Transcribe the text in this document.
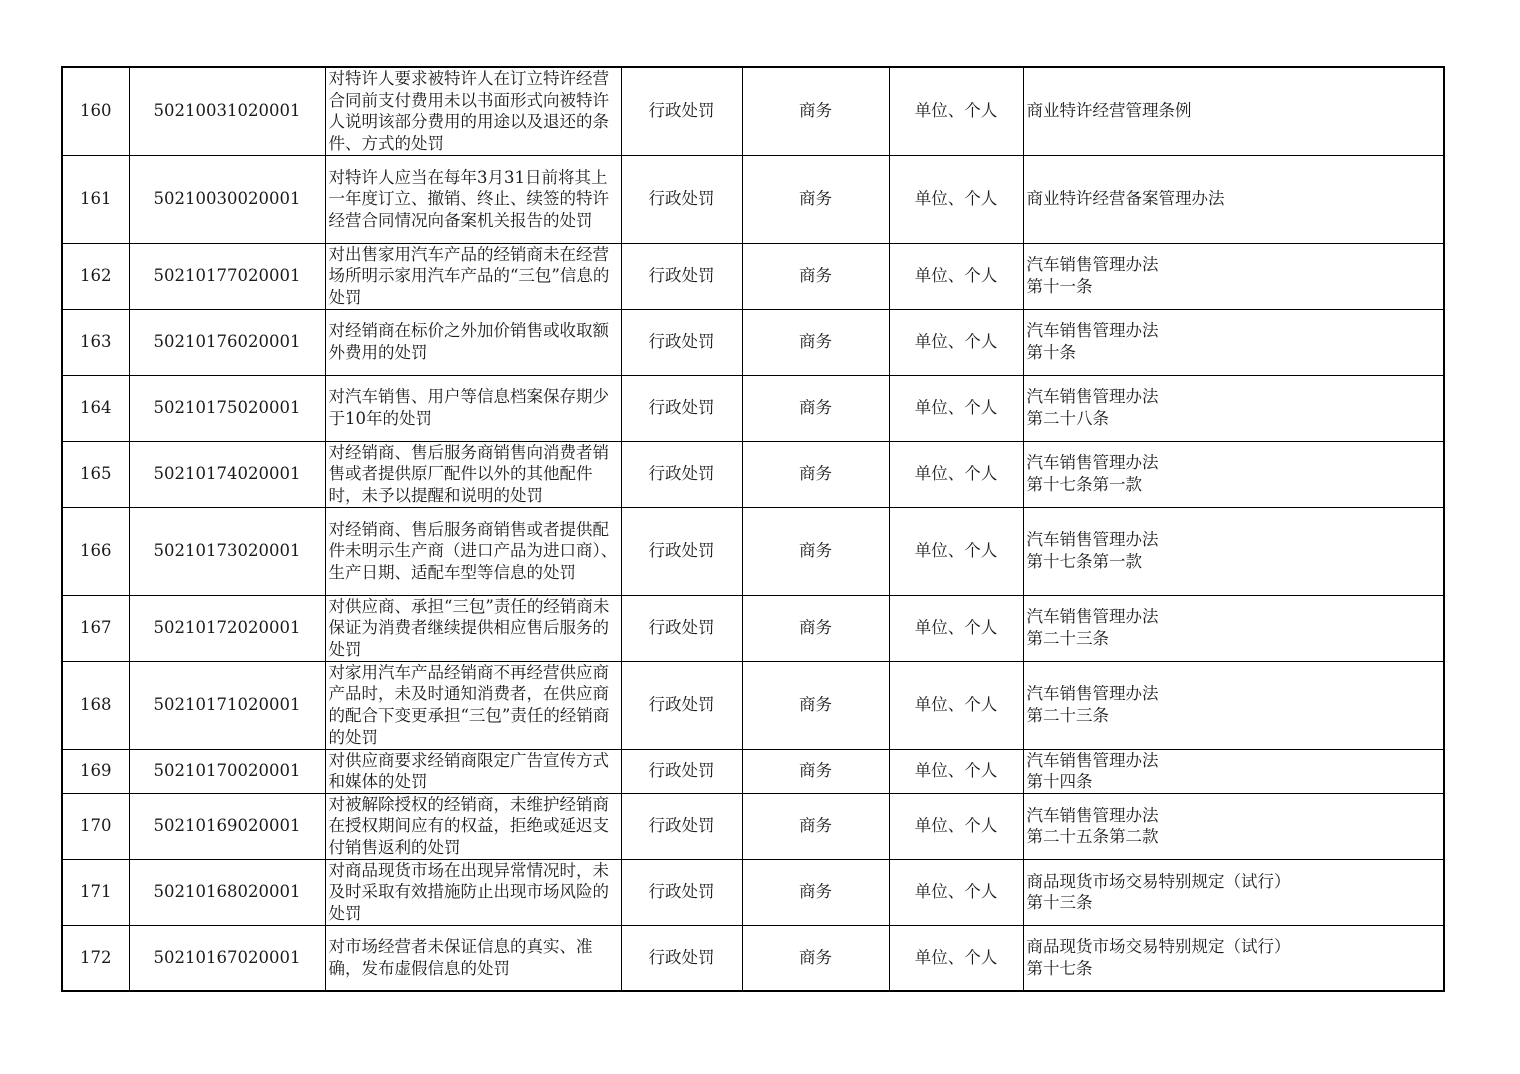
160	50210031020001	对特许人要求被特许人在订立特许经营合同前支付费用未以书面形式向被特许人说明该部分费用的用途以及退还的条件、方式的处罚	行政处罚	商务	单位、个人	商业特许经营管理条例
161	50210030020001	对特许人应当在每年3月31日前将其上一年度订立、撤销、终止、续签的特许经营合同情况向备案机关报告的处罚	行政处罚	商务	单位、个人	商业特许经营备案管理办法
162	50210177020001	对出售家用汽车产品的经销商未在经营场所明示家用汽车产品的“三包”信息的处罚	行政处罚	商务	单位、个人	汽车销售管理办法
第十一条
163	50210176020001	对经销商在标价之外加价销售或收取额外费用的处罚	行政处罚	商务	单位、个人	汽车销售管理办法
第十条
164	50210175020001	对汽车销售、用户等信息档案保存期少于10年的处罚	行政处罚	商务	单位、个人	汽车销售管理办法
第二十八条
165	50210174020001	对经销商、售后服务商销售向消费者销售或者提供原厂配件以外的其他配件时，未予以提醒和说明的处罚	行政处罚	商务	单位、个人	汽车销售管理办法
第十七条第一款
166	50210173020001	对经销商、售后服务商销售或者提供配件未明示生产商（进口产品为进口商）、生产日期、适配车型等信息的处罚	行政处罚	商务	单位、个人	汽车销售管理办法
第十七条第一款
167	50210172020001	对供应商、承担“三包”责任的经销商未保证为消费者继续提供相应售后服务的处罚	行政处罚	商务	单位、个人	汽车销售管理办法
第二十三条
168	50210171020001	对家用汽车产品经销商不再经营供应商产品时，未及时通知消费者，在供应商的配合下变更承担“三包”责任的经销商的处罚	行政处罚	商务	单位、个人	汽车销售管理办法
第二十三条
169	50210170020001	对供应商要求经销商限定广告宣传方式和媒体的处罚	行政处罚	商务	单位、个人	汽车销售管理办法
第十四条
170	50210169020001	对被解除授权的经销商，未维护经销商在授权期间应有的权益，拒绝或延迟支付销售返利的处罚	行政处罚	商务	单位、个人	汽车销售管理办法
第二十五条第二款
171	50210168020001	对商品现货市场在出现异常情况时，未及时采取有效措施防止出现市场风险的处罚	行政处罚	商务	单位、个人	商品现货市场交易特别规定（试行）
第十三条
172	50210167020001	对市场经营者未保证信息的真实、准确，发布虚假信息的处罚	行政处罚	商务	单位、个人	商品现货市场交易特别规定（试行）
第十七条
